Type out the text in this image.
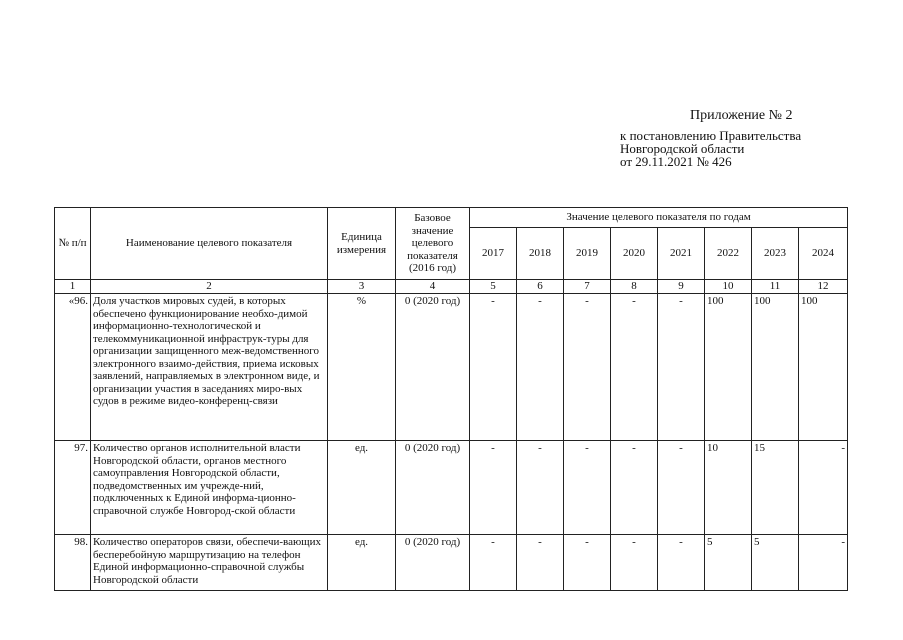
Приложение № 2
к постановлению Правительства
Новгородской области
от 29.11.2021 № 426
№ п/п	Наименование целевого показателя	Единица измерения	Базовое значение целевого показателя (2016 год)	Значение целевого показателя по годам							
				2017	2018	2019	2020	2021	2022	2023	2024
1	2	3	4	5	6	7	8	9	10	11	12
«96.	Доля участков мировых судей, в которых обеспечено функционирование необхо-димой информационно-технологической и телекоммуникационной инфраструк-туры для организации защищенного меж-ведомственного электронного взаимо-действия, приема исковых заявлений, направляемых в электронном виде, и организации участия в заседаниях миро-вых судов в режиме видео-конференц-связи	%	0 (2020 год)	-	-	-	-	-	100	100	100
97.	Количество органов исполнительной власти Новгородской области, органов местного самоуправления Новгородской области, подведомственных им учрежде-ний, подключенных к Единой информа-ционно-справочной службе Новгород-ской области	ед.	0 (2020 год)	-	-	-	-	-	10	15	-
98.	Количество операторов связи, обеспечи-вающих бесперебойную маршрутизацию на телефон Единой информационно-справочной службы Новгородской области	ед.	0 (2020 год)	-	-	-	-	-	5	5	-
